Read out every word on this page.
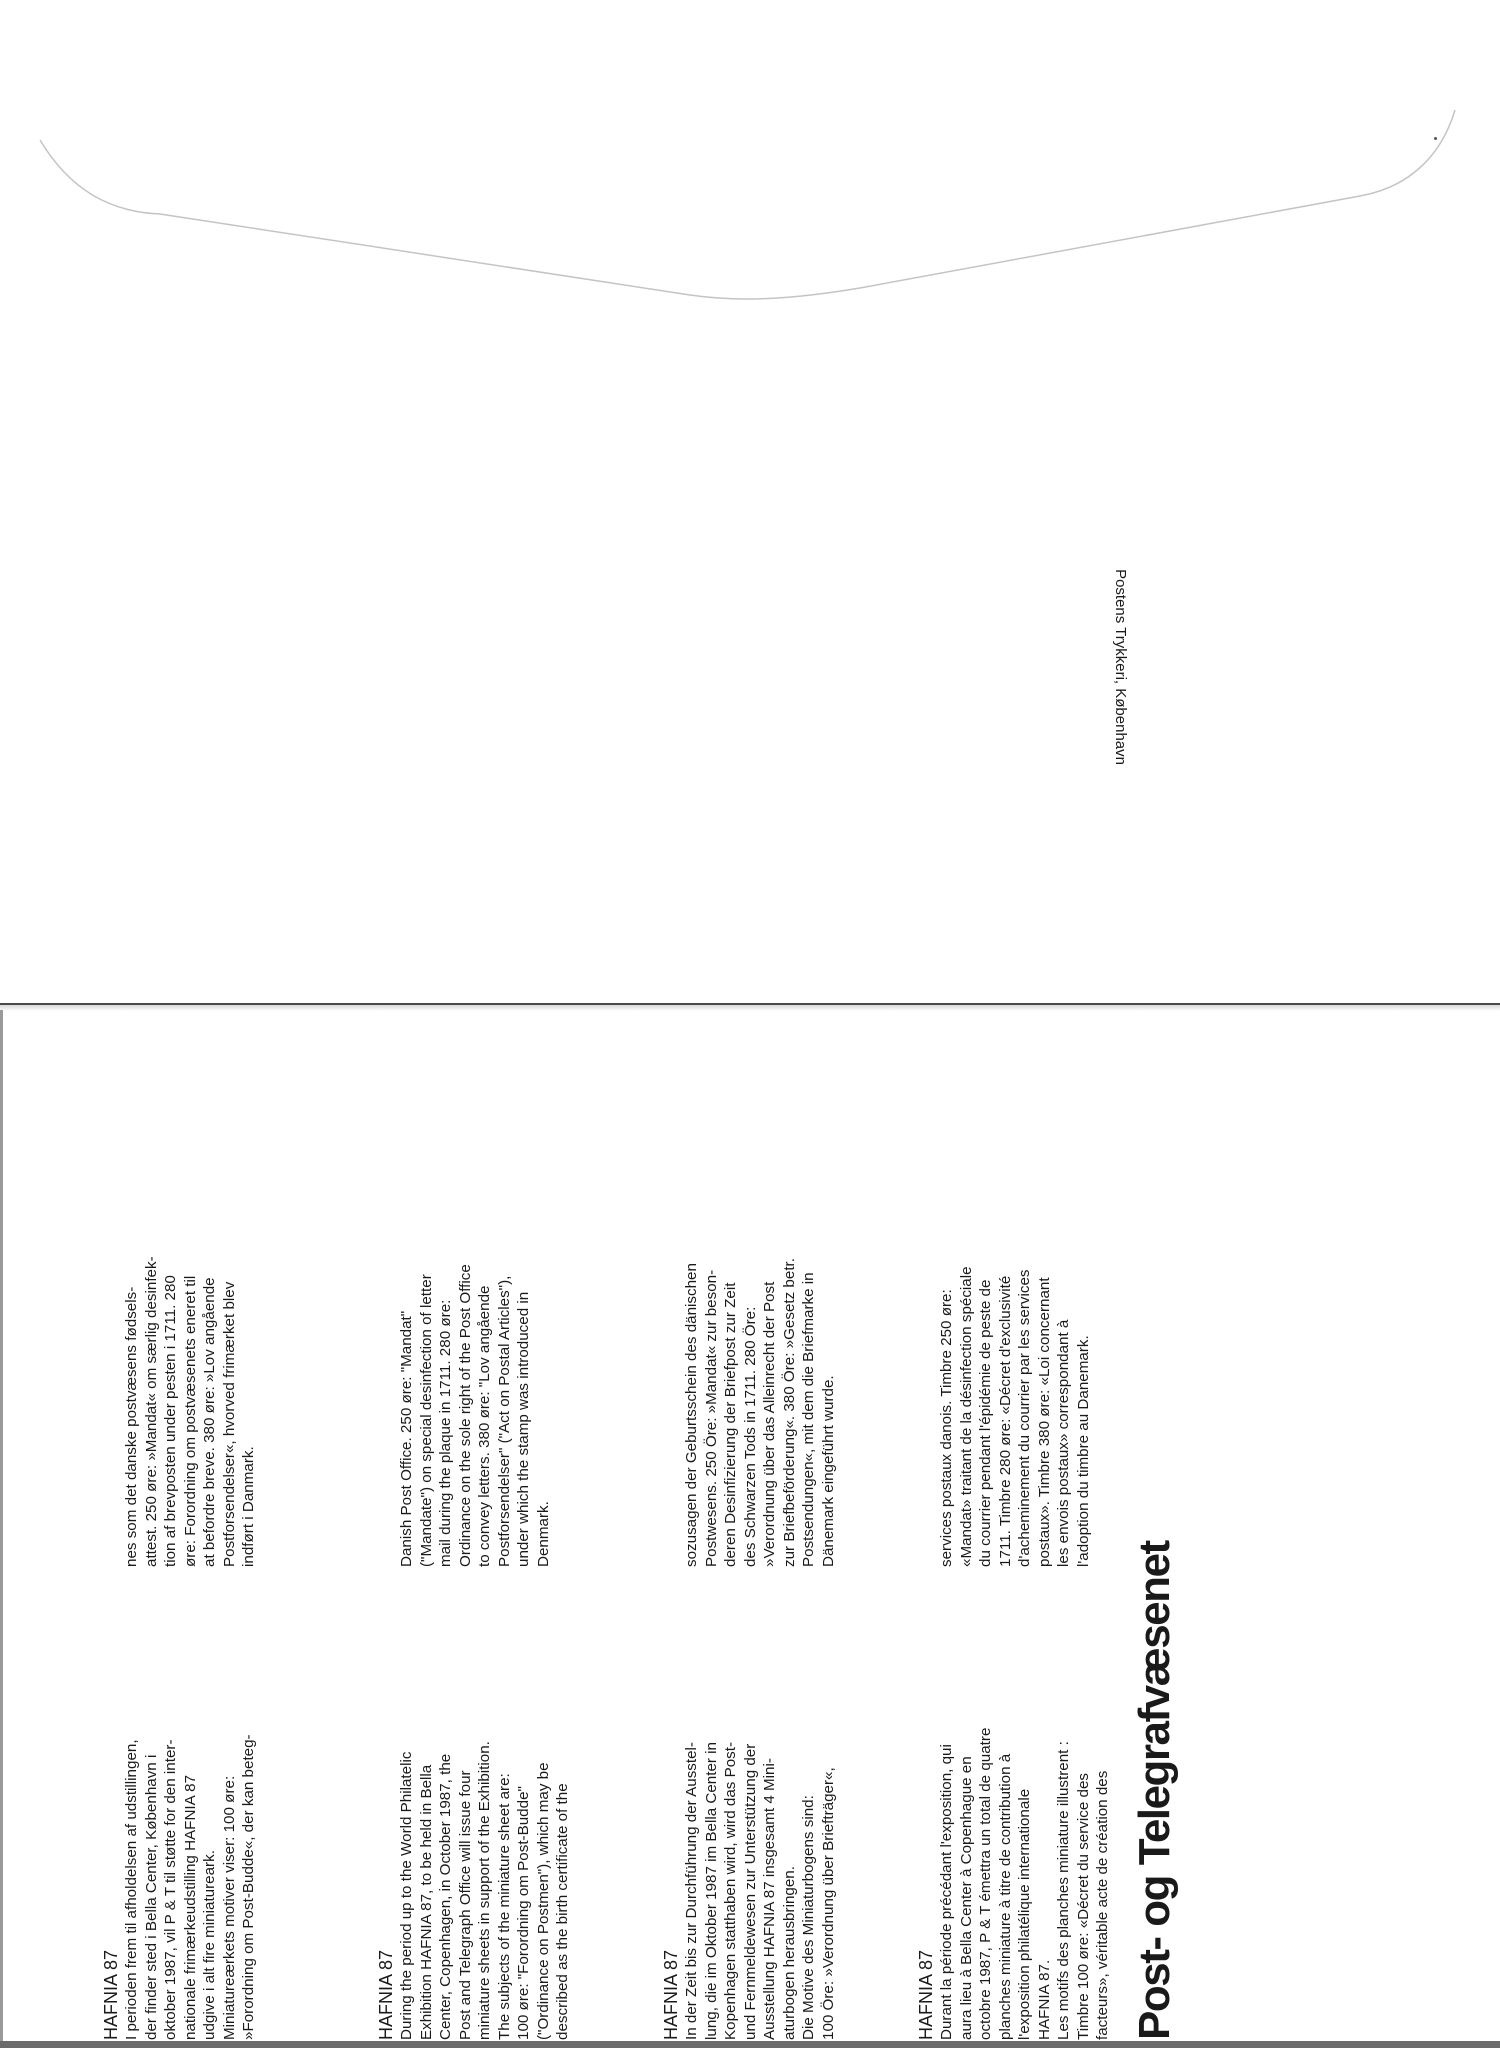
HAFNIA 87 I perioden frem til afholdelsen af udstillingen,
der finder sted i Bella Center, København i
oktober 1987, vil P & T til støtte for den inter-
nationale frimærkeudstilling HAFNIA 87
udgive i alt fire miniatureark.
Miniatureærkets motiver viser: 100 øre:
»Forordning om Post-Budde«, der kan beteg-
nes som det danske postvæsens fødsels-
attest. 250 øre: »Mandat« om særlig desinfek-
tion af brevposten under pesten i 1711. 280
øre: Forordning om postvæsenets eneret til
at befordre breve. 380 øre: »Lov angående
Postforsendelser«, hvorved frimærket blev
indført i Danmark.
HAFNIA 87 During the period up to the World Philatelic
Exhibition HAFNIA 87, to be held in Bella
Center, Copenhagen, in October 1987, the
Post and Telegraph Office will issue four
miniature sheets in support of the Exhibition.
The subjects of the miniature sheet are:
100 øre: "Forordning om Post-Budde"
("Ordinance on Postmen"), which may be
described as the birth certificate of the
Danish Post Office. 250 øre: "Mandat"
("Mandate") on special desinfection of letter
mail during the plaque in 1711. 280 øre:
Ordinance on the sole right of the Post Office
to convey letters. 380 øre: "Lov angående
Postforsendelser" ("Act on Postal Articles"),
under which the stamp was introduced in
Denmark.
HAFNIA 87 In der Zeit bis zur Durchführung der Ausstel-
lung, die im Oktober 1987 im Bella Center in
Kopenhagen statthaben wird, wird das Post-
und Fernmeldewesen zur Unterstützung der
Ausstellung HAFNIA 87 insgesamt 4 Mini-
aturbogen herausbringen.
Die Motive des Miniaturbogens sind:
100 Öre: »Verordnung über Briefträger«,
sozusagen der Geburtsschein des dänischen
Postwesens. 250 Öre: »Mandat« zur beson-
deren Desinfizierung der Briefpost zur Zeit
des Schwarzen Tods in 1711. 280 Öre:
»Verordnung über das Alleinrecht der Post
zur Briefbeförderung«. 380 Öre: »Gesetz betr.
Postsendungen«, mit dem die Briefmarke in
Dänemark eingeführt wurde.
HAFNIA 87 Durant la période précédant l'exposition, qui
aura lieu à Bella Center à Copenhague en
octobre 1987, P & T émettra un total de quatre
planches miniature à titre de contribution à
l'exposition philatélique internationale
HAFNIA 87.
Les motifs des planches miniature illustrent :
Timbre 100 øre: «Décret du service des
facteurs», véritable acte de création des
services postaux danois. Timbre 250 øre:
«Mandat» traitant de la désinfection spéciale
du courrier pendant l'épidémie de peste de
1711. Timbre 280 øre: «Décret d'exclusivité
d'acheminement du courrier par les services
postaux». Timbre 380 øre: «Loi concernant
les envois postaux» correspondant à
l'adoption du timbre au Danemark.
Post- og Telegrafvæsenet
Postens Trykkeri, København
